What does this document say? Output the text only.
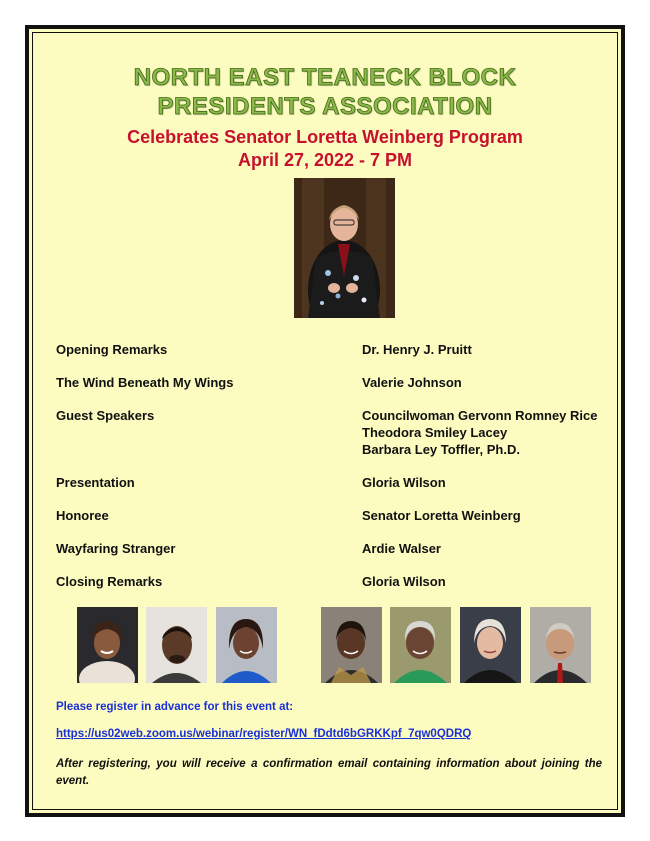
NORTH EAST TEANECK BLOCK
PRESIDENTS ASSOCIATION
Celebrates Senator Loretta Weinberg Program
April 27, 2022 - 7 PM
Opening Remarks	Dr. Henry J. Pruitt
The Wind Beneath My Wings	Valerie Johnson
Guest Speakers	Councilwoman Gervonn Romney Rice
Theodora Smiley Lacey
Barbara Ley Toffler, Ph.D.
Presentation	Gloria Wilson
Honoree	Senator Loretta Weinberg
Wayfaring Stranger	Ardie Walser
Closing Remarks	Gloria Wilson
Please register in advance for this event at:
https://us02web.zoom.us/webinar/register/WN_fDdtd6bGRKKpf_7qw0QDRQ
After registering, you will receive a confirmation email containing information about joining the event.
